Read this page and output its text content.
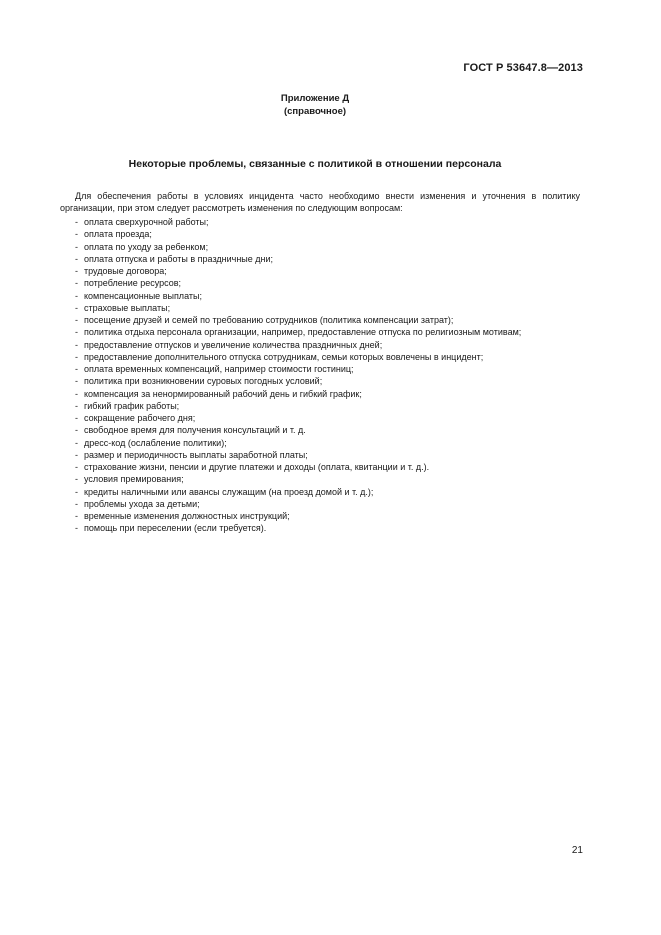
ГОСТ Р 53647.8—2013
Приложение Д
(справочное)
Некоторые проблемы, связанные с политикой в отношении персонала

Для обеспечения работы в условиях инцидента часто необходимо внести изменения и уточнения в политику организации, при этом следует рассмотреть изменения по следующим вопросам:

- оплата сверхурочной работы;
- оплата проезда;
- оплата по уходу за ребенком;
- оплата отпуска и работы в праздничные дни;
- трудовые договора;
- потребление ресурсов;
- компенсационные выплаты;
- страховые выплаты;
- посещение друзей и семей по требованию сотрудников (политика компенсации затрат);
- политика отдыха персонала организации, например, предоставление отпуска по религиозным мотивам;
- предоставление отпусков и увеличение количества праздничных дней;
- предоставление дополнительного отпуска сотрудникам, семьи которых вовлечены в инцидент;
- оплата временных компенсаций, например стоимости гостиниц;
- политика при возникновении суровых погодных условий;
- компенсация за ненормированный рабочий день и гибкий график;
- гибкий график работы;
- сокращение рабочего дня;
- свободное время для получения консультаций и т. д.
- дресс-код (ослабление политики);
- размер и периодичность выплаты заработной платы;
- страхование жизни, пенсии и другие платежи и доходы (оплата, квитанции и т. д.).
- условия премирования;
- кредиты наличными или авансы служащим (на проезд домой и т. д.);
- проблемы ухода за детьми;
- временные изменения должностных инструкций;
- помощь при переселении (если требуется).
21
